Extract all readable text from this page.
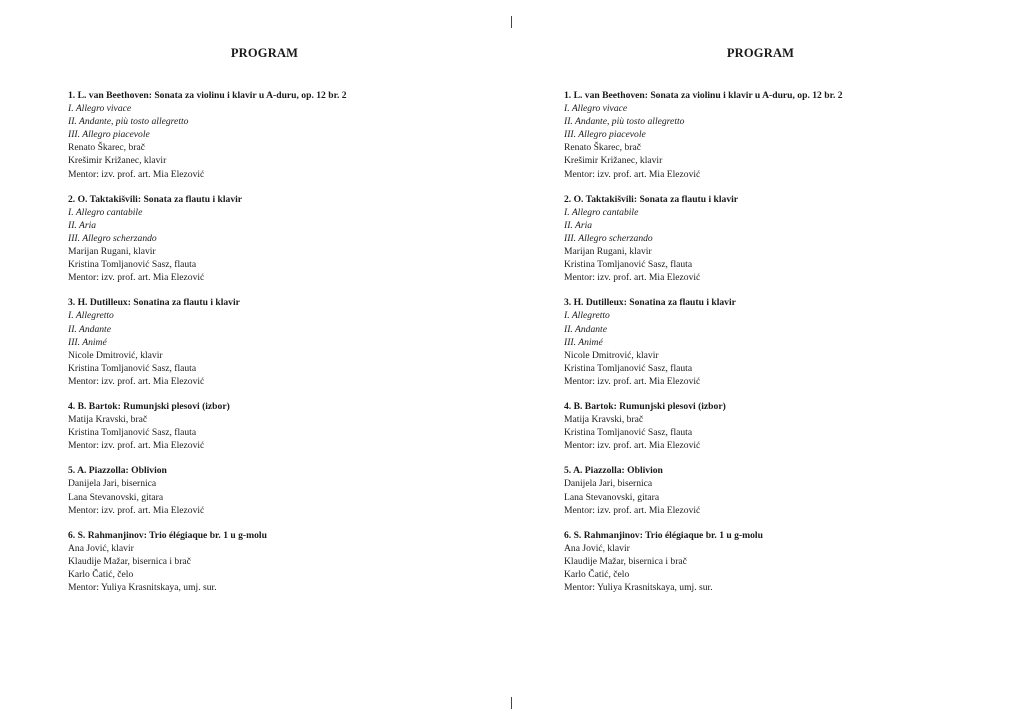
PROGRAM
1. L. van Beethoven: Sonata za violinu i klavir u A-duru, op. 12 br. 2
I. Allegro vivace
II. Andante, più tosto allegretto
III. Allegro piacevole
Renato Škarec, brač
Krešimir Križanec, klavir
Mentor: izv. prof. art. Mia Elezović
2. O. Taktakišvili: Sonata za flautu i klavir
I. Allegro cantabile
II. Aria
III. Allegro scherzando
Marijan Rugani, klavir
Kristina Tomljanović Sasz, flauta
Mentor: izv. prof. art. Mia Elezović
3. H. Dutilleux: Sonatina za flautu i klavir
I. Allegretto
II. Andante
III. Animé
Nicole Dmitrović, klavir
Kristina Tomljanović Sasz, flauta
Mentor: izv. prof. art. Mia Elezović
4. B. Bartok: Rumunjski plesovi (izbor)
Matija Kravski, brač
Kristina Tomljanović Sasz, flauta
Mentor: izv. prof. art. Mia Elezović
5. A. Piazzolla: Oblivion
Danijela Jari, bisernica
Lana Stevanovski, gitara
Mentor: izv. prof. art. Mia Elezović
6. S. Rahmanjinov: Trio élégiaque br. 1 u g-molu
Ana Jović, klavir
Klaudije Mažar, bisernica i brač
Karlo Čatić, čelo
Mentor: Yuliya Krasnitskaya, umj. sur.
PROGRAM
1. L. van Beethoven: Sonata za violinu i klavir u A-duru, op. 12 br. 2
I. Allegro vivace
II. Andante, più tosto allegretto
III. Allegro piacevole
Renato Škarec, brač
Krešimir Križanec, klavir
Mentor: izv. prof. art. Mia Elezović
2. O. Taktakišvili: Sonata za flautu i klavir
I. Allegro cantabile
II. Aria
III. Allegro scherzando
Marijan Rugani, klavir
Kristina Tomljanović Sasz, flauta
Mentor: izv. prof. art. Mia Elezović
3. H. Dutilleux: Sonatina za flautu i klavir
I. Allegretto
II. Andante
III. Animé
Nicole Dmitrović, klavir
Kristina Tomljanović Sasz, flauta
Mentor: izv. prof. art. Mia Elezović
4. B. Bartok: Rumunjski plesovi (izbor)
Matija Kravski, brač
Kristina Tomljanović Sasz, flauta
Mentor: izv. prof. art. Mia Elezović
5. A. Piazzolla: Oblivion
Danijela Jari, bisernica
Lana Stevanovski, gitara
Mentor: izv. prof. art. Mia Elezović
6. S. Rahmanjinov: Trio élégiaque br. 1 u g-molu
Ana Jović, klavir
Klaudije Mažar, bisernica i brač
Karlo Čatić, čelo
Mentor: Yuliya Krasnitskaya, umj. sur.
